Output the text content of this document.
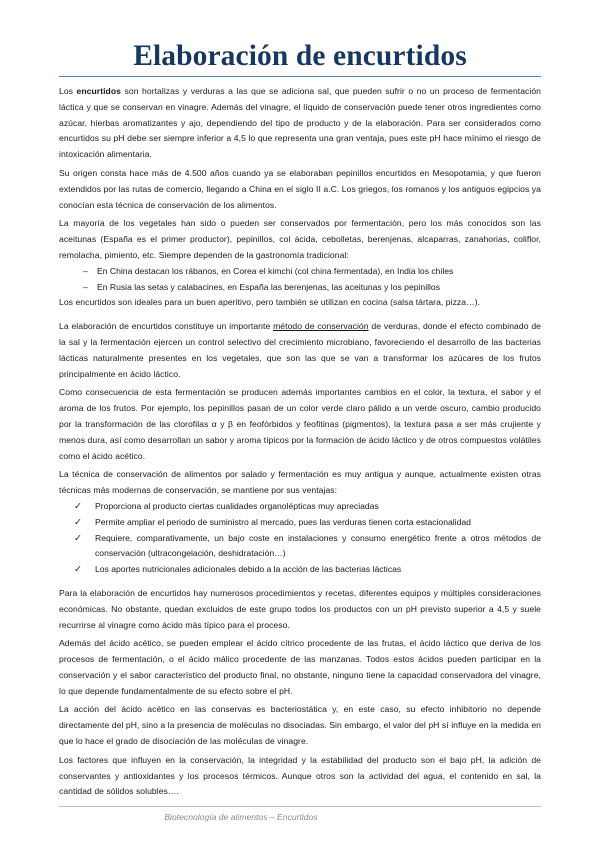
Elaboración de encurtidos

Los encurtidos son hortalizas y verduras a las que se adiciona sal, que pueden sufrir o no un proceso de fermentación láctica y que se conservan en vinagre. Además del vinagre, el líquido de conservación puede tener otros ingredientes como azúcar, hierbas aromatizantes y ajo, dependiendo del tipo de producto y de la elaboración. Para ser considerados como encurtidos su pH debe ser siempre inferior a 4,5 lo que representa una gran ventaja, pues este pH hace mínimo el riesgo de intoxicación alimentaria.

Su origen consta hace más de 4.500 años cuando ya se elaboraban pepinillos encurtidos en Mesopotamia, y que fueron extendidos por las rutas de comercio, llegando a China en el siglo II a.C. Los griegos, los romanos y los antiguos egipcios ya conocían esta técnica de conservación de los alimentos.

La mayoría de los vegetales han sido o pueden ser conservados por fermentación, pero los más conocidos son las aceitunas (España es el primer productor), pepinillos, col ácida, cebolletas, berenjenas, alcaparras, zanahorias, coliflor, remolacha, pimiento, etc. Siempre dependen de la gastronomía tradicional:

– En China destacan los rábanos, en Corea el kimchi (col china fermentada), en India los chiles
– En Rusia las setas y calabacines, en España las berenjenas, las aceitunas y los pepinillos

Los encurtidos son ideales para un buen aperitivo, pero también se utilizan en cocina (salsa tártara, pizza…).

La elaboración de encurtidos constituye un importante método de conservación de verduras, donde el efecto combinado de la sal y la fermentación ejercen un control selectivo del crecimiento microbiano, favoreciendo el desarrollo de las bacterias lácticas naturalmente presentes en los vegetales, que son las que se van a transformar los azúcares de los frutos principalmente en ácido láctico.

Como consecuencia de esta fermentación se producen además importantes cambios en el color, la textura, el sabor y el aroma de los frutos. Por ejemplo, los pepinillos pasan de un color verde claro pálido a un verde oscuro, cambio producido por la transformación de las clorofilas α y β en feofórbidos y feofitinas (pigmentos), la textura pasa a ser más crujiente y menos dura, así como desarrollan un sabor y aroma típicos por la formación de ácido láctico y de otros compuestos volátiles como el ácido acético.

La técnica de conservación de alimentos por salado y fermentación es muy antigua y aunque, actualmente existen otras técnicas más modernas de conservación, se mantiene por sus ventajas:

✓ Proporciona al producto ciertas cualidades organolépticas muy apreciadas
✓ Permite ampliar el periodo de suministro al mercado, pues las verduras tienen corta estacionalidad
✓ Requiere, comparativamente, un bajo coste en instalaciones y consumo energético frente a otros métodos de conservación (ultracongelación, deshidratación…)
✓ Los aportes nutricionales adicionales debido a la acción de las bacterias lácticas

Para la elaboración de encurtidos hay numerosos procedimientos y recetas, diferentes equipos y múltiples consideraciones económicas. No obstante, quedan excluidos de este grupo todos los productos con un pH previsto superior a 4,5 y suele recurrirse al vinagre como ácido más típico para el proceso.

Además del ácido acético, se pueden emplear el ácido cítrico procedente de las frutas, el ácido láctico que deriva de los procesos de fermentación, o el ácido málico procedente de las manzanas. Todos estos ácidos pueden participar en la conservación y el sabor característico del producto final, no obstante, ninguno tiene la capacidad conservadora del vinagre, lo que depende fundamentalmente de su efecto sobre el pH.

La acción del ácido acético en las conservas es bacteriostática y, en este caso, su efecto inhibitorio no depende directamente del pH, sino a la presencia de moléculas no disociadas. Sin embargo, el valor del pH sí influye en la medida en que lo hace el grado de disociación de las moléculas de vinagre.

Los factores que influyen en la conservación, la integridad y la estabilidad del producto son el bajo pH, la adición de conservantes y antioxidantes y los procesos térmicos. Aunque otros son la actividad del agua, el contenido en sal, la cantidad de sólidos solubles….

Biotecnología de alimentos – Encurtidos
